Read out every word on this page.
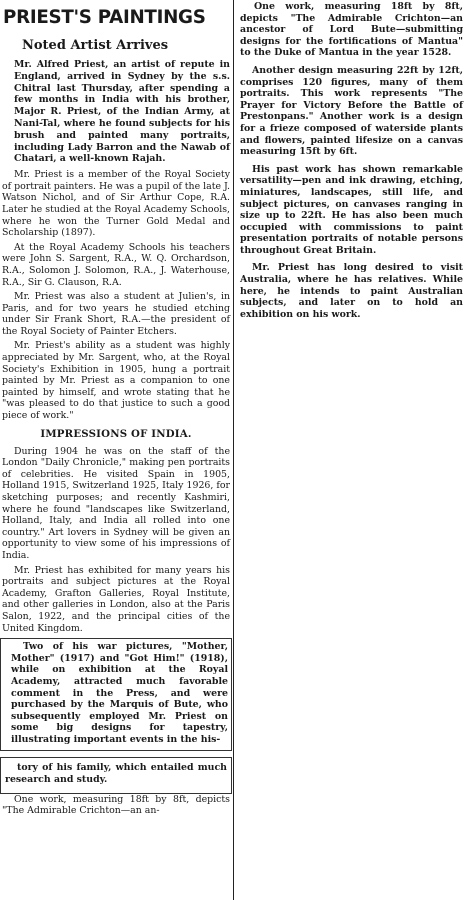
PRIEST'S PAINTINGS
Noted Artist Arrives
Mr. Alfred Priest, an artist of repute in England, arrived in Sydney by the s.s. Chitral last Thursday, after spending a few months in India with his brother, Major R. Priest, of the Indian Army, at Nani-Tal, where he found subjects for his brush and painted many portraits, including Lady Barron and the Nawab of Chatari, a well-known Rajah.

Mr. Priest is a member of the Royal Society of portrait painters. He was a pupil of the late J. Watson Nichol, and of Sir Arthur Cope, R.A. Later he studied at the Royal Academy Schools, where he won the Turner Gold Medal and Scholarship (1897).

At the Royal Academy Schools his teachers were John S. Sargent, R.A., W. Q. Orchardson, R.A., Solomon J. Solomon, R.A., J. Waterhouse, R.A., Sir G. Clauson, R.A.

Mr. Priest was also a student at Julien's, in Paris, and for two years he studied etching under Sir Frank Short, R.A.—the president of the Royal Society of Painter Etchers.

Mr. Priest's ability as a student was highly appreciated by Mr. Sargent, who, at the Royal Society's Exhibition in 1905, hung a portrait painted by Mr. Priest as a companion to one painted by himself, and wrote stating that he "was pleased to do that justice to such a good piece of work."

IMPRESSIONS OF INDIA.

During 1904 he was on the staff of the London "Daily Chronicle," making pen portraits of celebrities. He visited Spain in 1905, Holland 1915, Switzerland 1925, Italy 1926, for sketching purposes; and recently Kashmiri, where he found "landscapes like Switzerland, Holland, Italy, and India all rolled into one country." Art lovers in Sydney will be given an opportunity to view some of his impressions of India.

Mr. Priest has exhibited for many years his portraits and subject pictures at the Royal Academy, Grafton Galleries, Royal Institute, and other galleries in London, also at the Paris Salon, 1922, and the principal cities of the United Kingdom.

Two of his war pictures, "Mother, Mother" (1917) and "Got Him!" (1918), while on exhibition at the Royal Academy, attracted much favorable comment in the Press, and were purchased by the Marquis of Bute, who subsequently employed Mr. Priest on some big designs for tapestry, illustrating important events in the his-

tory of his family, which entailed much research and study.

One work, measuring 18ft by 8ft, depicts "The Admirable Crichton—an an-

One work, measuring 18ft by 8ft, depicts "The Admirable Crichton—an ancestor of Lord Bute—submitting designs for the fortifications of Mantua" to the Duke of Mantua in the year 1528.

Another design measuring 22ft by 12ft, comprises 120 figures, many of them portraits. This work represents "The Prayer for Victory Before the Battle of Prestonpans." Another work is a design for a frieze composed of waterside plants and flowers, painted lifesize on a canvas measuring 15ft by 6ft.

His past work has shown remarkable versatility—pen and ink drawing, etching, miniatures, landscapes, still life, and subject pictures, on canvases ranging in size up to 22ft. He has also been much occupied with commissions to paint presentation portraits of notable persons throughout Great Britain.

Mr. Priest has long desired to visit Australia, where he has relatives. While here, he intends to paint Australian subjects, and later on to hold an exhibition on his work.
